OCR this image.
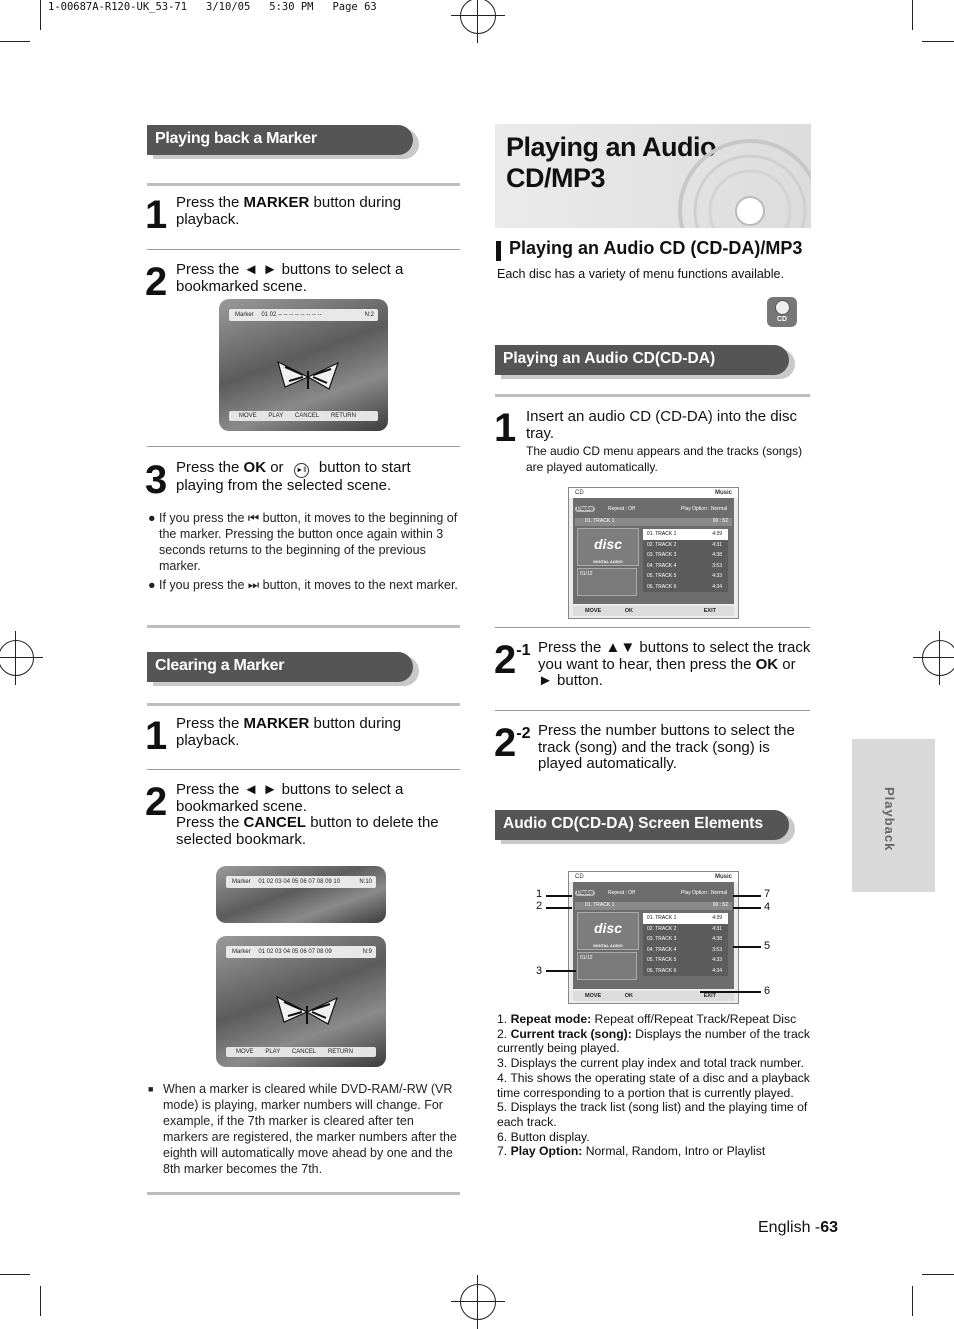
1-00687A-R120-UK_53-71   3/10/05   5:30 PM   Page 63
Playing back a Marker
1 Press the MARKER button during playback.
2 Press the ◄ ► buttons to select a bookmarked scene.
Marker 01 02 -- -- -- -- -- -- -- --	N:2
MOVE PLAY CANCEL RETURN
3 Press the OK or ►‖ button to start playing from the selected scene.
● If you press the ⏮ button, it moves to the beginning of the marker. Pressing the button once again within 3 seconds returns to the beginning of the previous marker.
● If you press the ⏭ button, it moves to the next marker.
Clearing a Marker
1 Press the MARKER button during playback.
2 Press the ◄ ► buttons to select a bookmarked scene.
Press the CANCEL button to delete the selected bookmark.
Marker 01 02 03 04 05 06 07 08 09 10	N:10
Marker 01 02 03 04 05 06 07 08 09	N:9
MOVE PLAY CANCEL RETURN
■ When a marker is cleared while DVD-RAM/-RW (VR mode) is playing, marker numbers will change. For example, if the 7th marker is cleared after ten markers are registered, the marker numbers after the eighth will automatically move ahead by one and the 8th marker becomes the 7th.
Playing an Audio CD/MP3
Playing an Audio CD (CD-DA)/MP3
Each disc has a variety of menu functions available.
CD
Playing an Audio CD(CD-DA)
1 Insert an audio CD (CD-DA) into the disc tray.
The audio CD menu appears and the tracks (songs) are played automatically.
CD	Music
Display	Repeat : Off	Play Option : Normal
01. TRACK 1	00 : 52
disc
DIGITAL AUDIO
01/12
01. TRACK 1	4:39
02. TRACK 2	4:31
03. TRACK 3	4:38
04. TRACK 4	3:53
05. TRACK 5	4:33
06. TRACK 6	4:34
MOVE	OK	EXIT
$2^{-1}$ Press the ▲▼ buttons to select the track you want to hear, then press the OK or ► button.
$2^{-2}$ Press the number buttons to select the track (song) and the track (song) is played automatically.
Audio CD(CD-DA) Screen Elements
CD	Music
Display	Repeat : Off	Play Option : Normal
01. TRACK 1	00 : 52
disc
DIGITAL AUDIO
01/12
01. TRACK 1	4:39
02. TRACK 2	4:31
03. TRACK 3	4:38
04. TRACK 4	3:53
05. TRACK 5	4:33
06. TRACK 6	4:34
MOVE	OK	EXIT
1
2
3
7
4
5
6
1. Repeat mode: Repeat off/Repeat Track/Repeat Disc
2. Current track (song): Displays the number of the track currently being played.
3. Displays the current play index and total track number.
4. This shows the operating state of a disc and a playback time corresponding to a portion that is currently played.
5. Displays the track list (song list) and the playing time of each track.
6. Button display.
7. Play Option: Normal, Random, Intro or Playlist
Playback
English -63
